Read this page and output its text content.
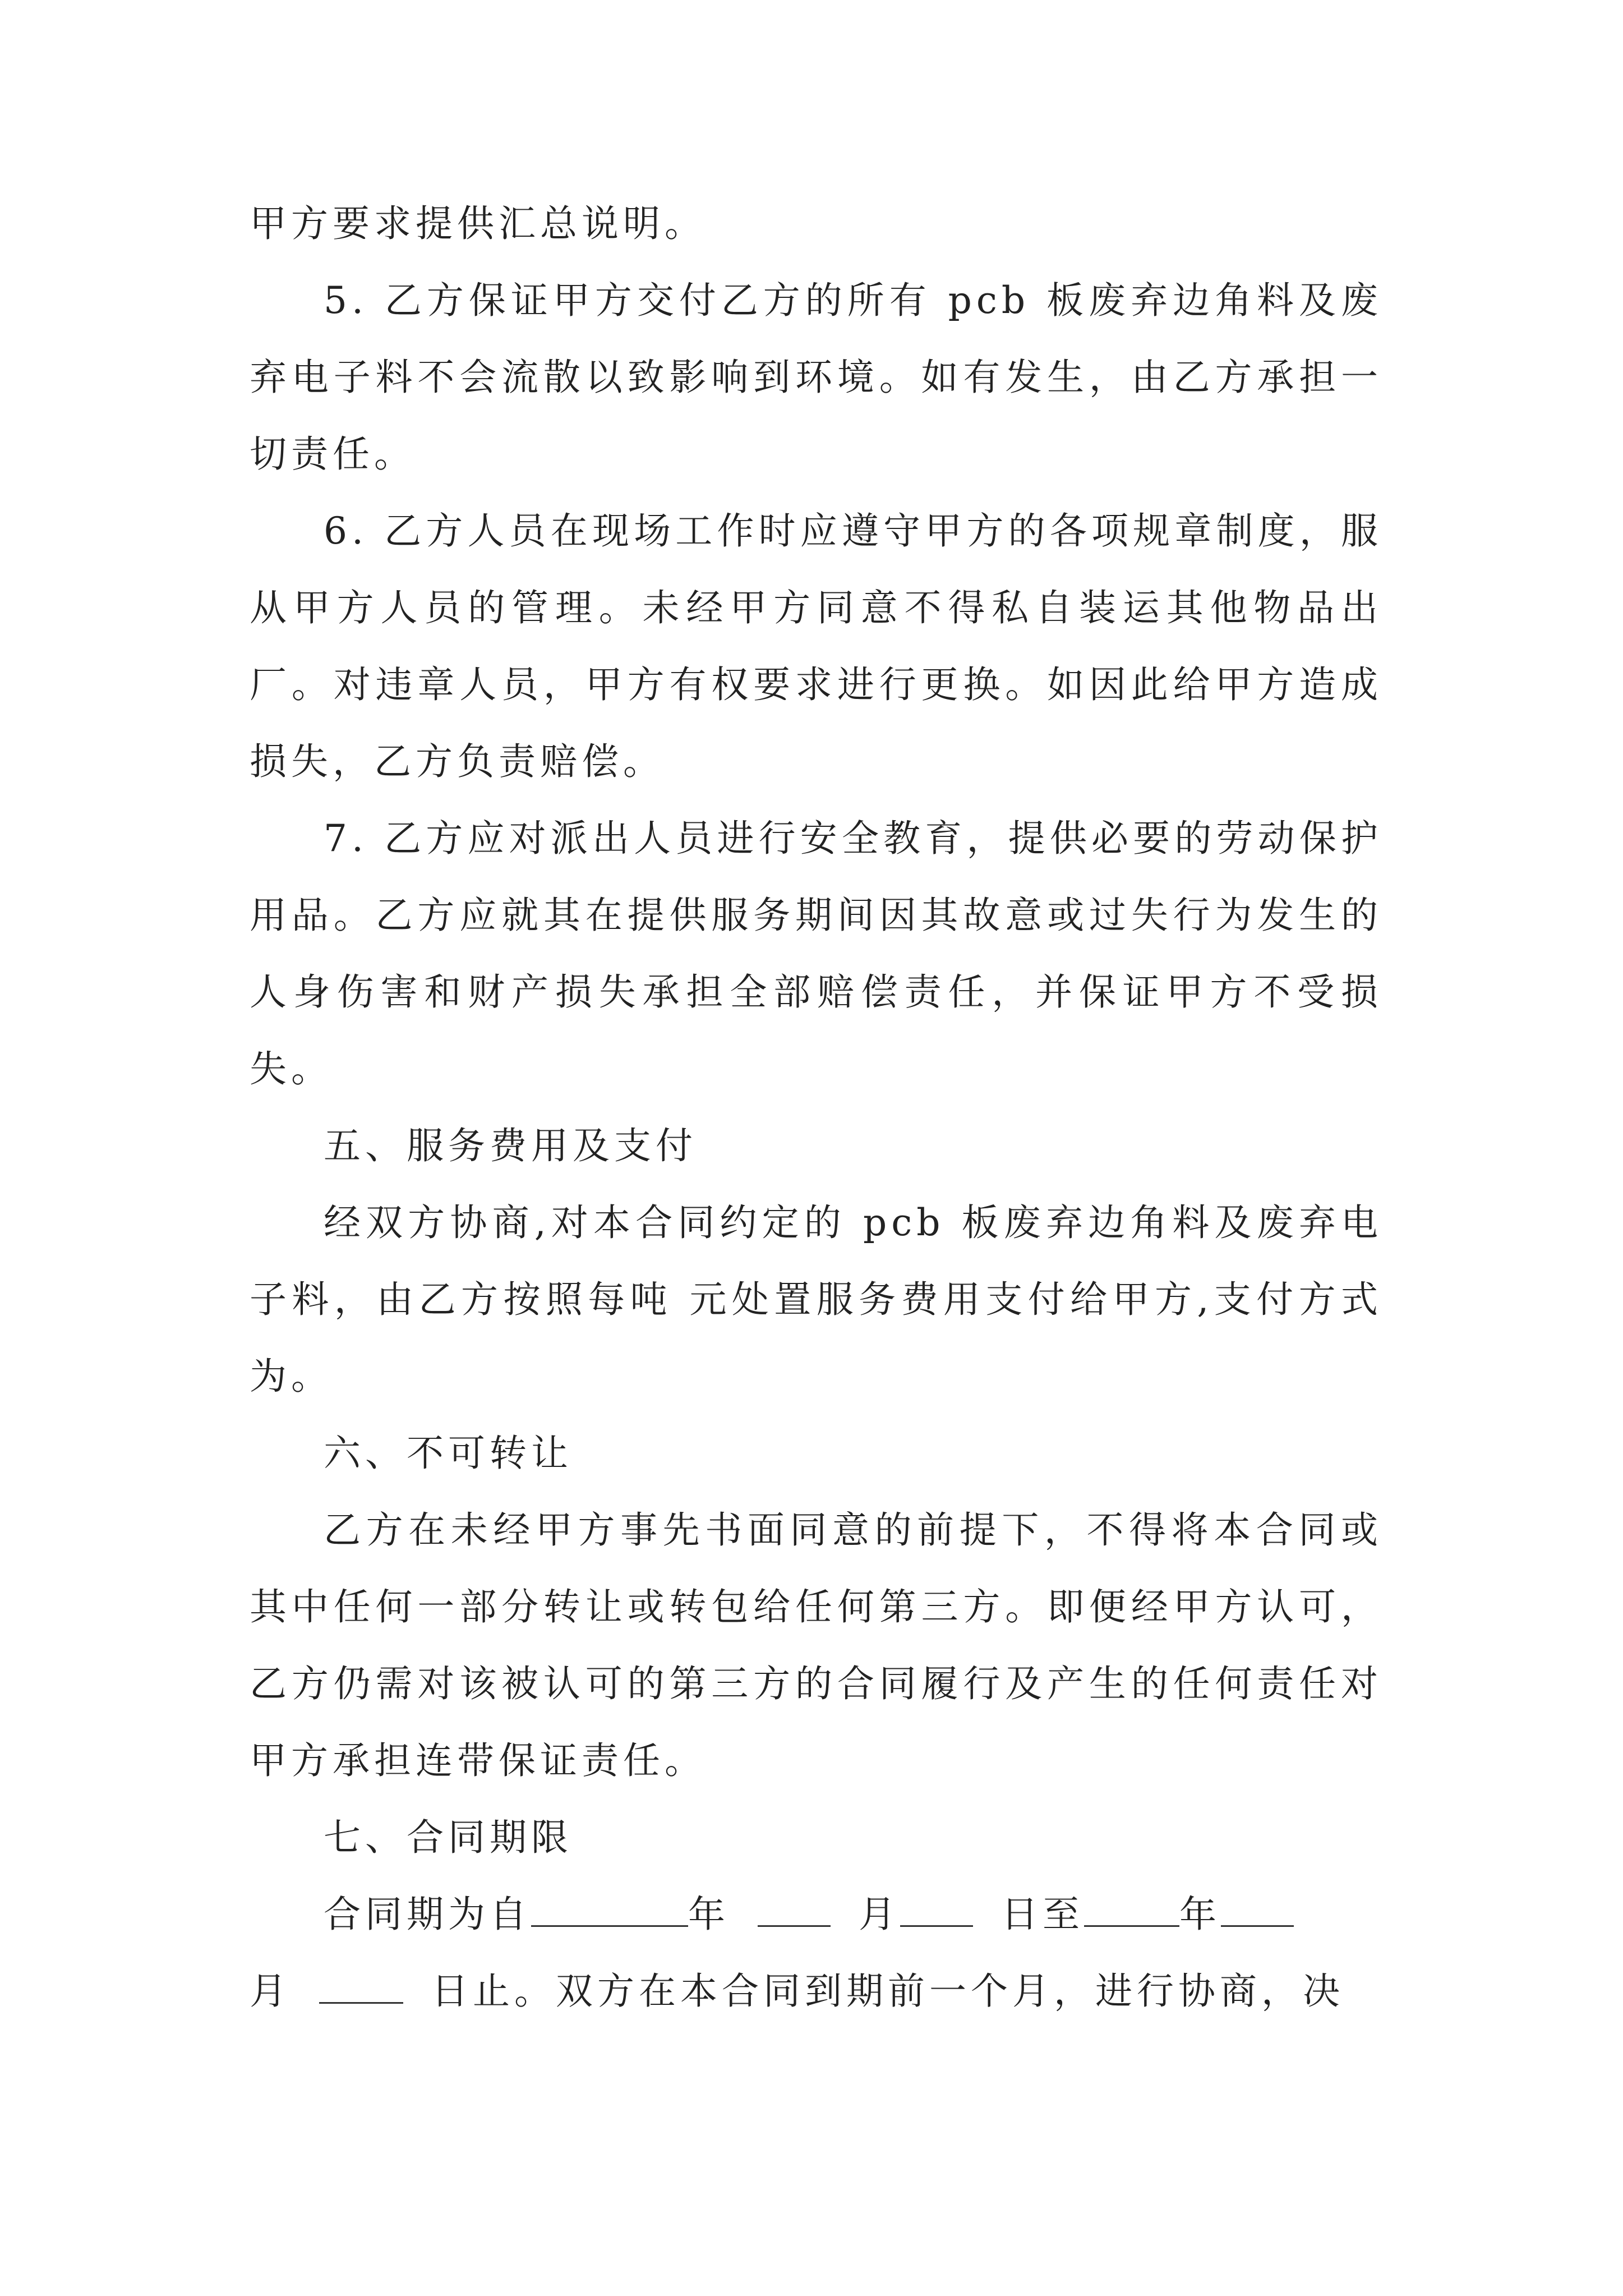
甲方要求提供汇总说明。

5. 乙方保证甲方交付乙方的所有 pcb 板废弃边角料及废弃电子料不会流散以致影响到环境。如有发生，由乙方承担一切责任。

6. 乙方人员在现场工作时应遵守甲方的各项规章制度，服从甲方人员的管理。未经甲方同意不得私自装运其他物品出厂。对违章人员，甲方有权要求进行更换。如因此给甲方造成损失，乙方负责赔偿。

7. 乙方应对派出人员进行安全教育，提供必要的劳动保护用品。乙方应就其在提供服务期间因其故意或过失行为发生的人身伤害和财产损失承担全部赔偿责任，并保证甲方不受损失。

五、服务费用及支付

经双方协商,对本合同约定的 pcb 板废弃边角料及废弃电子料，由乙方按照每吨 元处置服务费用支付给甲方,支付方式为。

六、不可转让

乙方在未经甲方事先书面同意的前提下，不得将本合同或其中任何一部分转让或转包给任何第三方。即便经甲方认可，乙方仍需对该被认可的第三方的合同履行及产生的任何责任对甲方承担连带保证责任。

七、合同期限

合同期为自	年	月	日至	年
月	日止。双方在本合同到期前一个月，进行协商，决
